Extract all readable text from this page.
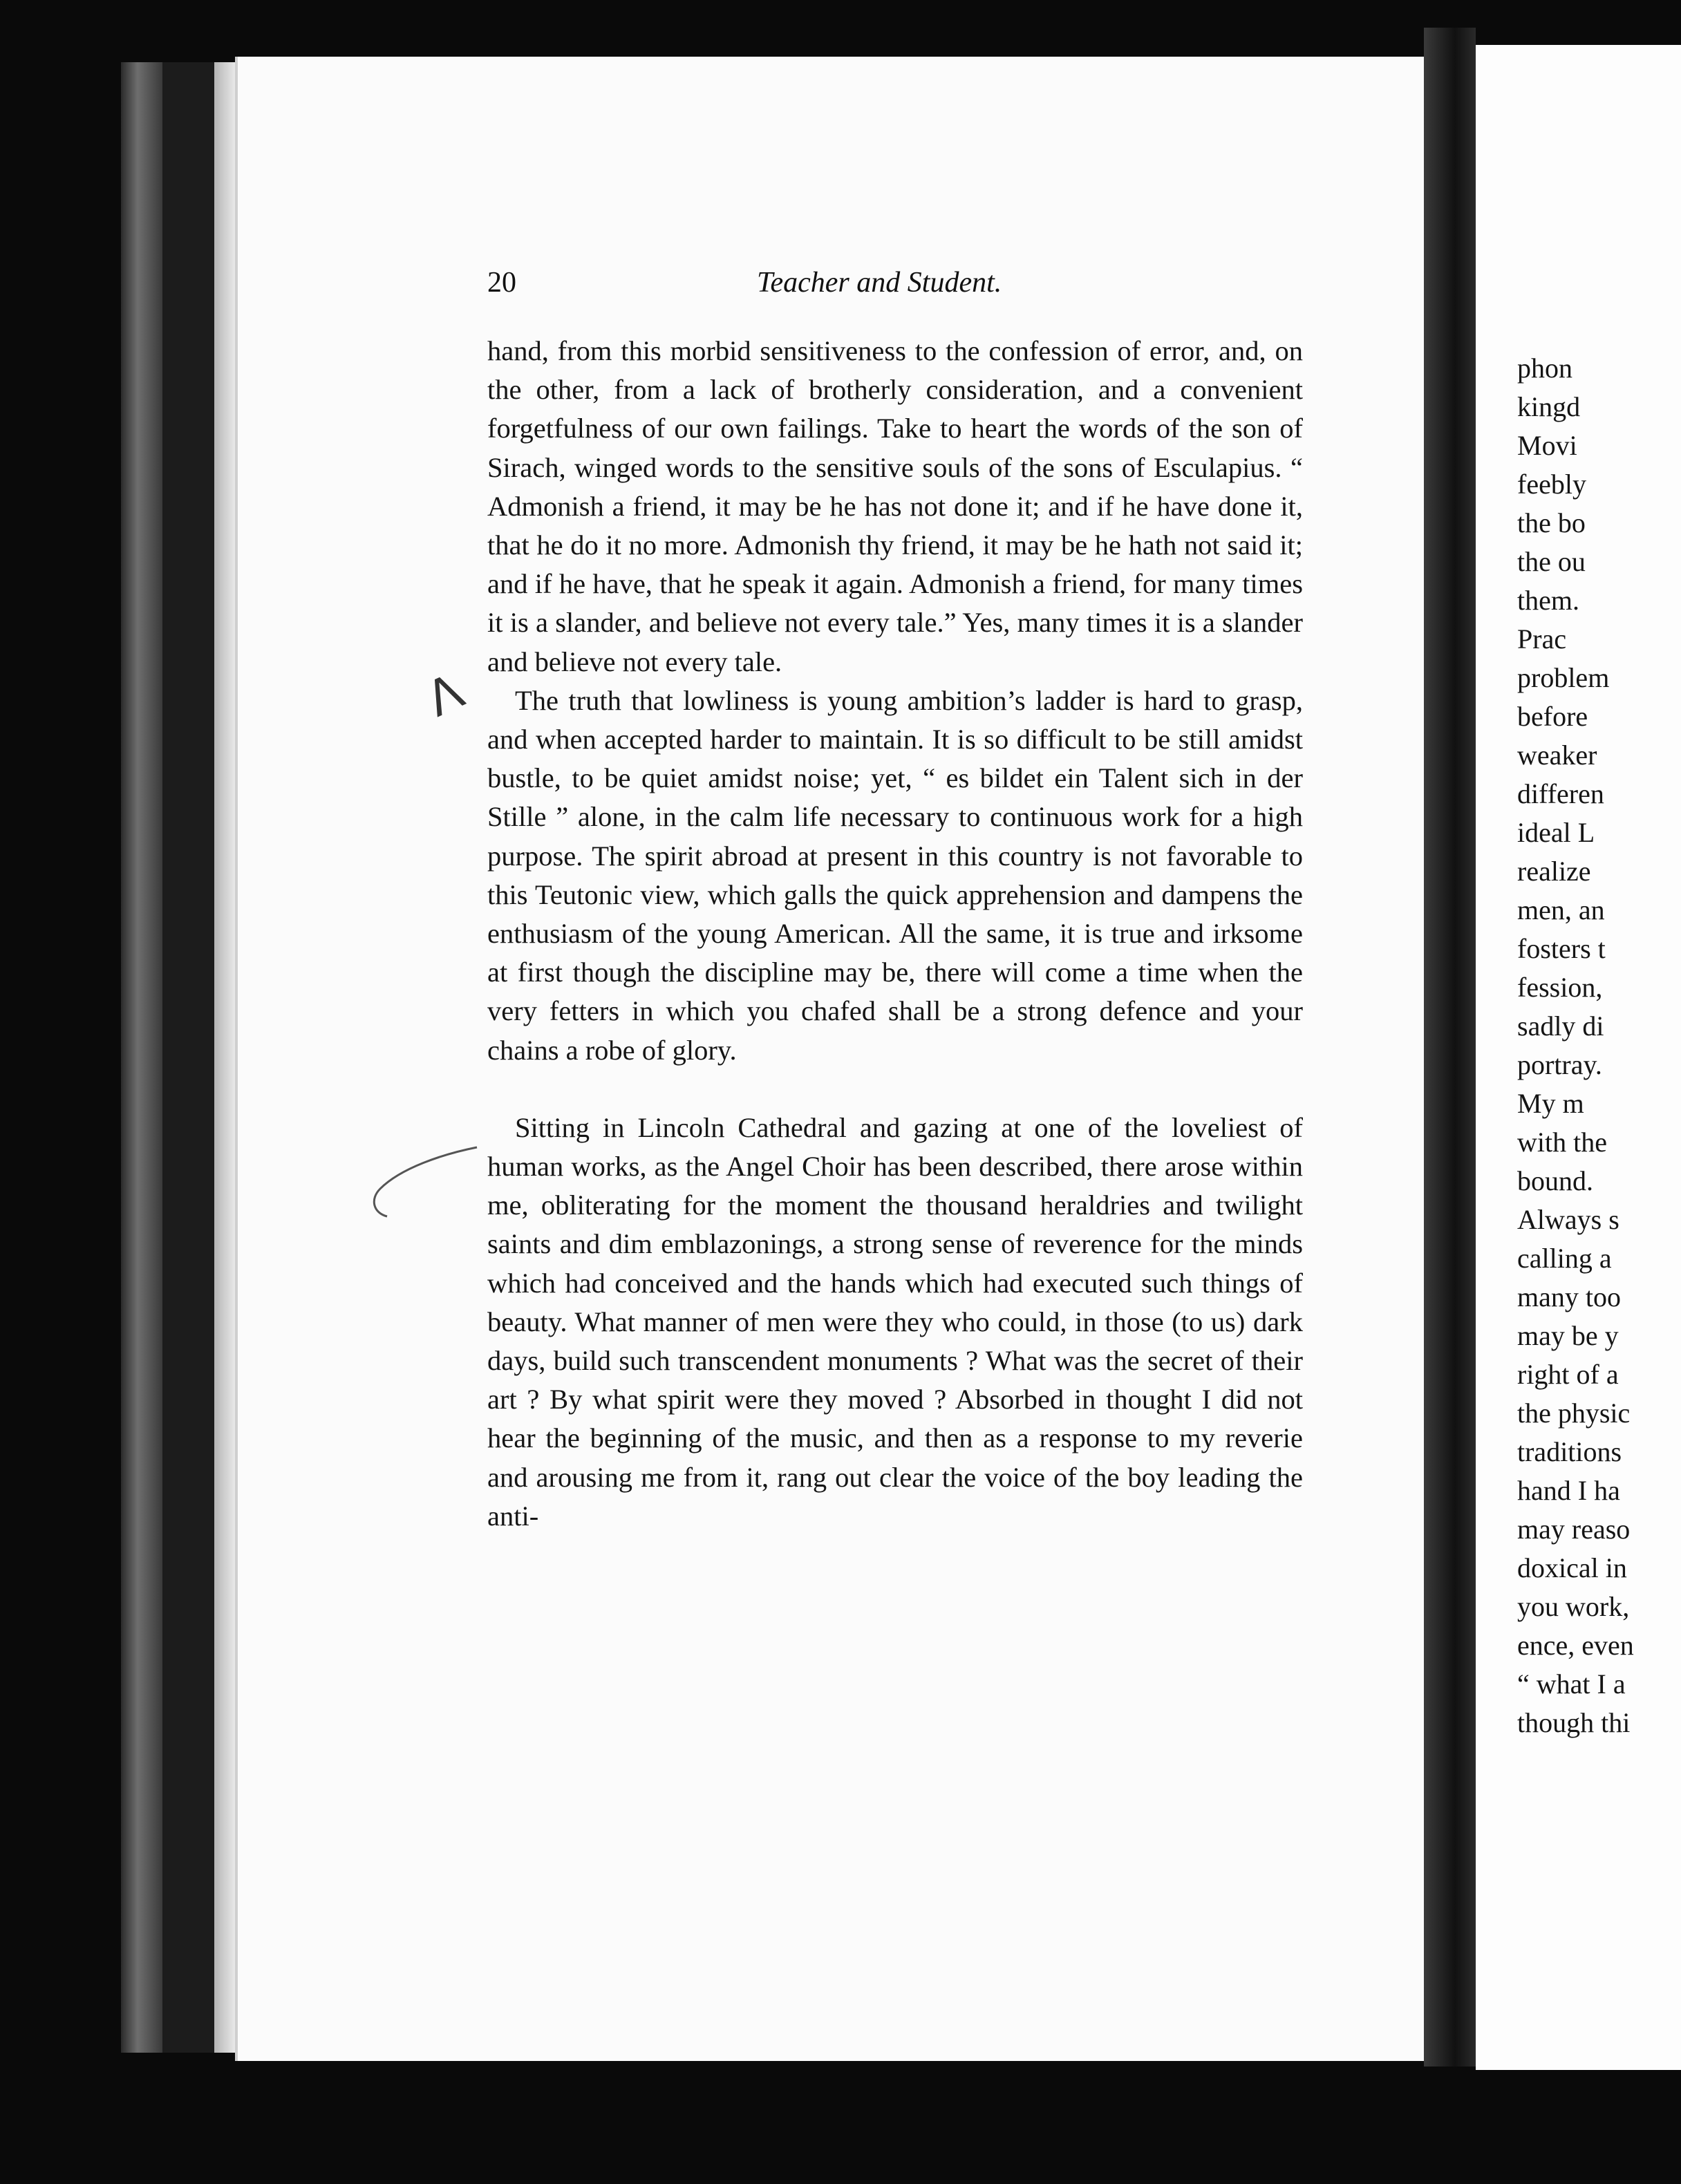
20	Teacher and Student.

hand, from this morbid sensitiveness to the confession of error, and, on the other, from a lack of brotherly consideration, and a convenient forgetfulness of our own failings. Take to heart the words of the son of Sirach, winged words to the sensitive souls of the sons of Esculapius. “ Admonish a friend, it may be he has not done it; and if he have done it, that he do it no more. Admonish thy friend, it may be he hath not said it; and if he have, that he speak it again. Admonish a friend, for many times it is a slander, and believe not every tale.” Yes, many times it is a slander and believe not every tale.

The truth that lowliness is young ambition’s ladder is hard to grasp, and when accepted harder to maintain. It is so difficult to be still amidst bustle, to be quiet amidst noise; yet, “ es bildet ein Talent sich in der Stille ” alone, in the calm life necessary to continuous work for a high purpose. The spirit abroad at present in this country is not favorable to this Teutonic view, which galls the quick apprehension and dampens the enthusiasm of the young American. All the same, it is true and irksome at first though the discipline may be, there will come a time when the very fetters in which you chafed shall be a strong defence and your chains a robe of glory.

Sitting in Lincoln Cathedral and gazing at one of the loveliest of human works, as the Angel Choir has been described, there arose within me, obliterating for the moment the thousand heraldries and twilight saints and dim emblazonings, a strong sense of reverence for the minds which had conceived and the hands which had executed such things of beauty. What manner of men were they who could, in those (to us) dark days, build such transcendent monuments ? What was the secret of their art ? By what spirit were they moved ? Absorbed in thought I did not hear the beginning of the music, and then as a response to my reverie and arousing me from it, rang out clear the voice of the boy leading the anti-

phon
kingd
Movi
feebly
the bo
the ou
them.
Prac
problem
before
weaker
differen
ideal L
realize
men, an
fosters t
fession,
sadly di
portray.
My m
with the
bound.
Always s
calling a
many too
may be y
right of a
the physic
traditions
hand I ha
may reaso
doxical in
you work,
ence, even
“ what I a
though thi
Λ
